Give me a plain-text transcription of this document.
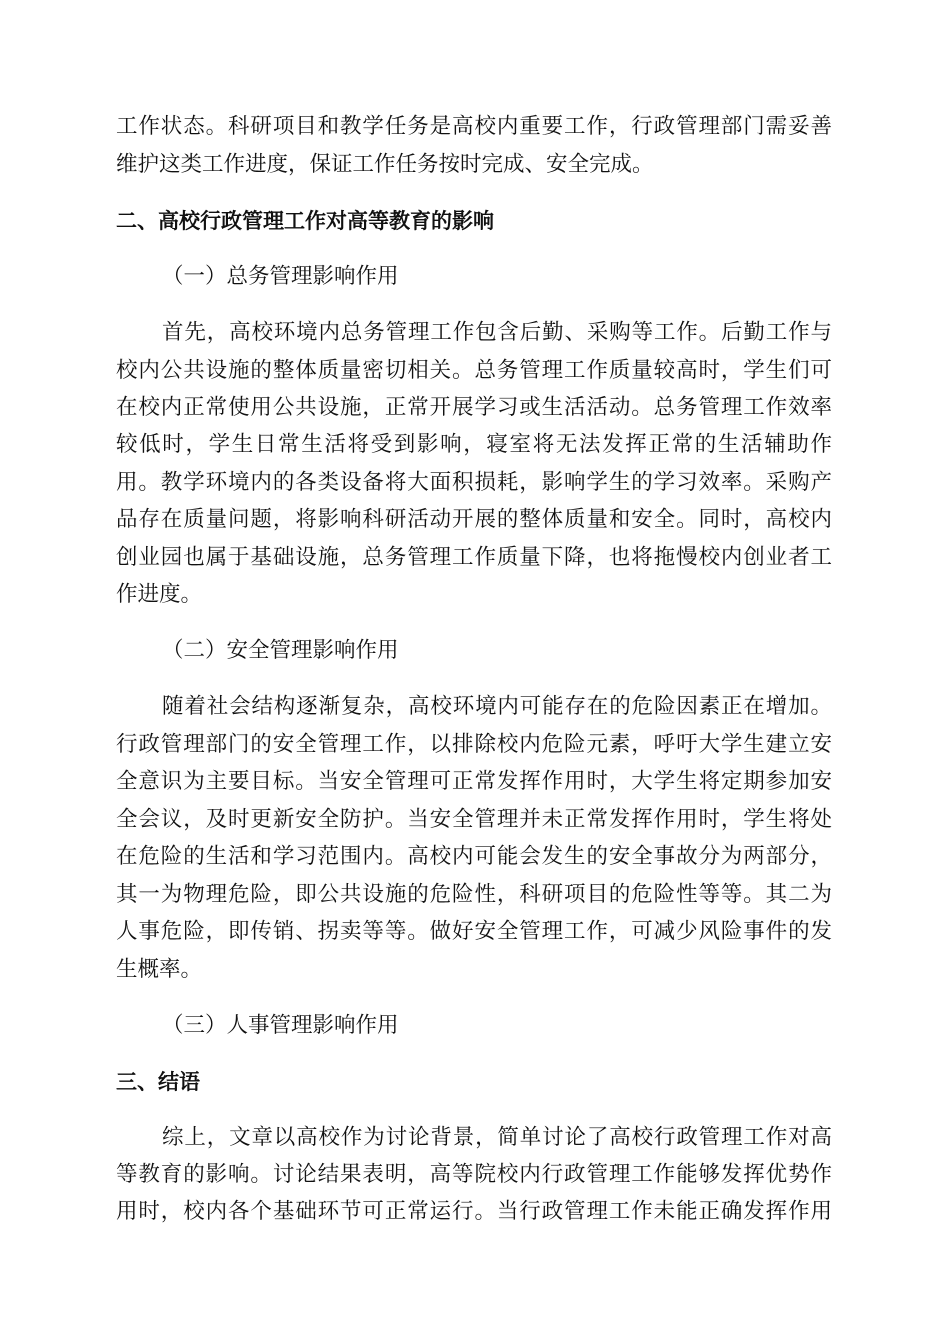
工作状态。科研项目和教学任务是高校内重要工作，行政管理部门需妥善
维护这类工作进度，保证工作任务按时完成、安全完成。
二、高校行政管理工作对高等教育的影响
（一）总务管理影响作用
首先，高校环境内总务管理工作包含后勤、采购等工作。后勤工作与
校内公共设施的整体质量密切相关。总务管理工作质量较高时，学生们可
在校内正常使用公共设施，正常开展学习或生活活动。总务管理工作效率
较低时，学生日常生活将受到影响，寝室将无法发挥正常的生活辅助作
用。教学环境内的各类设备将大面积损耗，影响学生的学习效率。采购产
品存在质量问题，将影响科研活动开展的整体质量和安全。同时，高校内
创业园也属于基础设施，总务管理工作质量下降，也将拖慢校内创业者工
作进度。
（二）安全管理影响作用
随着社会结构逐渐复杂，高校环境内可能存在的危险因素正在增加。
行政管理部门的安全管理工作，以排除校内危险元素，呼吁大学生建立安
全意识为主要目标。当安全管理可正常发挥作用时，大学生将定期参加安
全会议，及时更新安全防护。当安全管理并未正常发挥作用时，学生将处
在危险的生活和学习范围内。高校内可能会发生的安全事故分为两部分，
其一为物理危险，即公共设施的危险性，科研项目的危险性等等。其二为
人事危险，即传销、拐卖等等。做好安全管理工作，可减少风险事件的发
生概率。
（三）人事管理影响作用
三、结语
综上，文章以高校作为讨论背景，简单讨论了高校行政管理工作对高
等教育的影响。讨论结果表明，高等院校内行政管理工作能够发挥优势作
用时，校内各个基础环节可正常运行。当行政管理工作未能正确发挥作用
